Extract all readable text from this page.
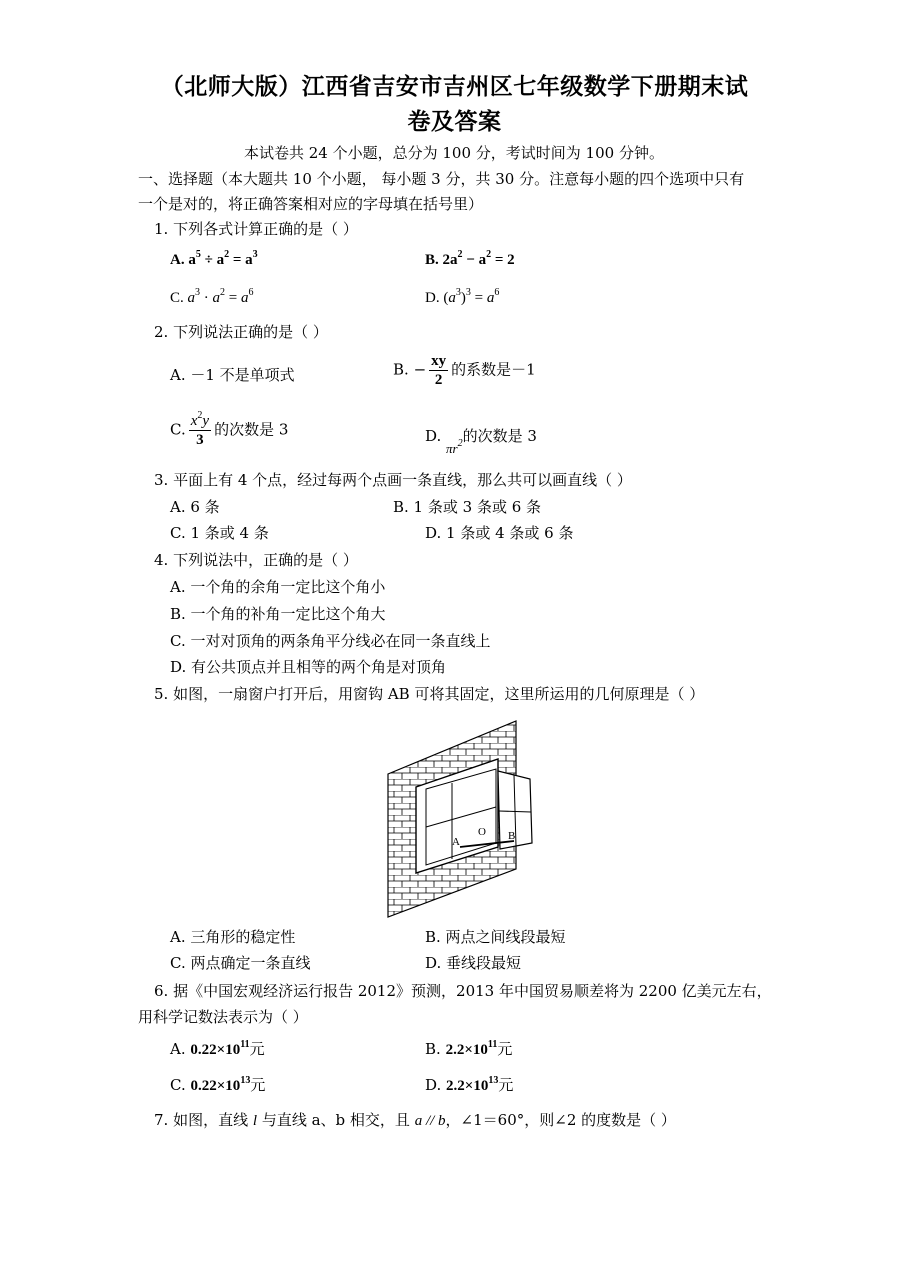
（北师大版）江西省吉安市吉州区七年级数学下册期末试
卷及答案
本试卷共 24 个小题，总分为 100 分，考试时间为 100 分钟。
一、选择题（本大题共 10 个小题， 每小题 3 分，共 30 分。注意每小题的四个选项中只有
一个是对的，将正确答案相对应的字母填在括号里）
1. 下列各式计算正确的是（ ）
A. $a^5 \div a^2 = a^3$	B. $2a^2 - a^2 = 2$
C. $a^3 \cdot a^2 = a^6$	D. $(a^3)^3 = a^6$
2. 下列说法正确的是（ ）
A. －1 不是单项式	B. − $\frac{xy}{2}$ 的系数是－1
C. $\frac{x^2y}{3}$ 的次数是 3	D. $\pi r^2$的次数是 3
3. 平面上有 4 个点，经过每两个点画一条直线，那么共可以画直线（ ）
A. 6 条	B. 1 条或 3 条或 6 条
C. 1 条或 4 条	D. 1 条或 4 条或 6 条
4. 下列说法中，正确的是（ ）
A. 一个角的余角一定比这个角小
B. 一个角的补角一定比这个角大
C. 一对对顶角的两条角平分线必在同一条直线上
D. 有公共顶点并且相等的两个角是对顶角
5. 如图，一扇窗户打开后，用窗钩 AB 可将其固定，这里所运用的几何原理是（ ）
A
O B
A. 三角形的稳定性	B. 两点之间线段最短
C. 两点确定一条直线	D. 垂线段最短
6. 据《中国宏观经济运行报告 2012》预测，2013 年中国贸易顺差将为 2200 亿美元左右，
用科学记数法表示为（ ）
A. $0.22\times 10^{11}$元	B. $2.2\times 10^{11}$元
C. $0.22\times 10^{13}$元	D. $2.2\times 10^{13}$元
7. 如图，直线 l 与直线 a、b 相交，且 a // b，∠1＝60°，则∠2 的度数是（ ）
